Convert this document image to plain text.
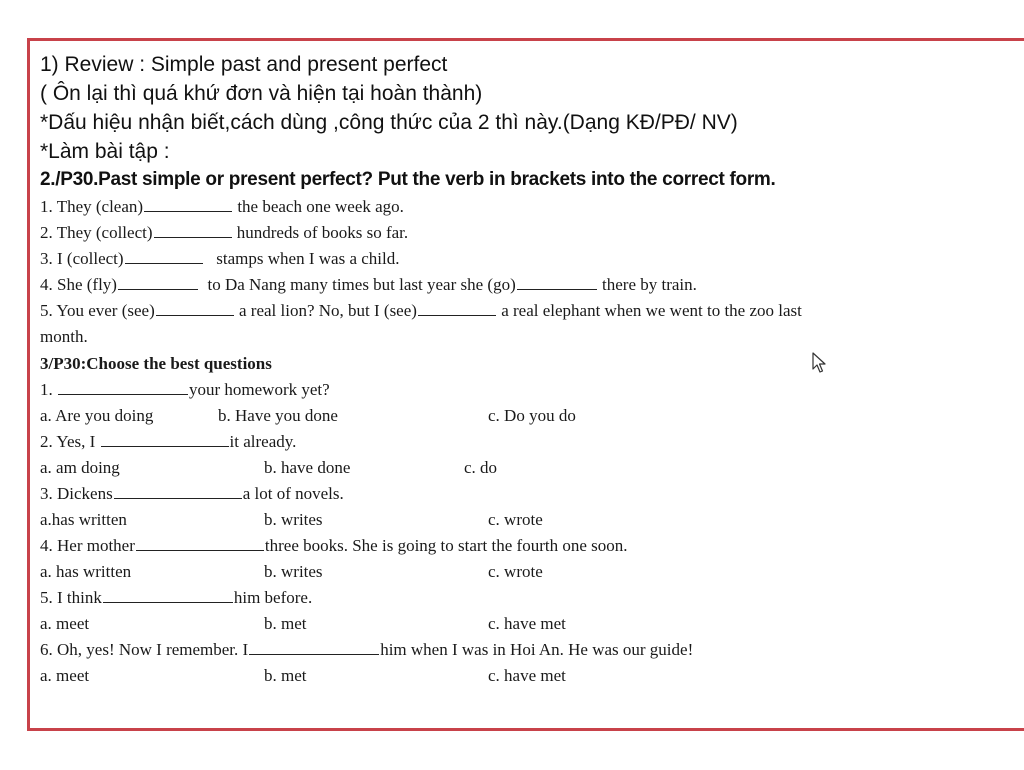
1) Review : Simple past and present perfect
( Ôn lại thì quá khứ đơn và hiện tại hoàn thành)
*Dấu hiệu nhận biết,cách dùng ,công thức của 2 thì này.(Dạng KĐ/PĐ/ NV)
*Làm bài tập :
2./P30.Past simple or present perfect? Put the verb in brackets into the correct form.
1. They (clean)	the beach one week ago.
2. They (collect)	hundreds of books so far.
3. I (collect)	stamps when I was a child.
4. She (fly)	to Da Nang many times but last year she (go)	there by train.
5. You ever (see)	a real lion? No, but I (see)	a real elephant when we went to the zoo last
month.
3/P30:Choose the best questions
1.	your homework yet?
a. Are you doing	b. Have you done	c. Do you do
2. Yes, I	it already.
a. am doing	b. have done	c. do
3. Dickens	a lot of novels.
a.has written	b. writes	c. wrote
4. Her mother	three books. She is going to start the fourth one soon.
a. has written	b. writes	c. wrote
5. I think	him before.
a. meet	b. met	c. have met
6. Oh, yes! Now I remember. I	him when I was in Hoi An. He was our guide!
a. meet	b. met	c. have met
